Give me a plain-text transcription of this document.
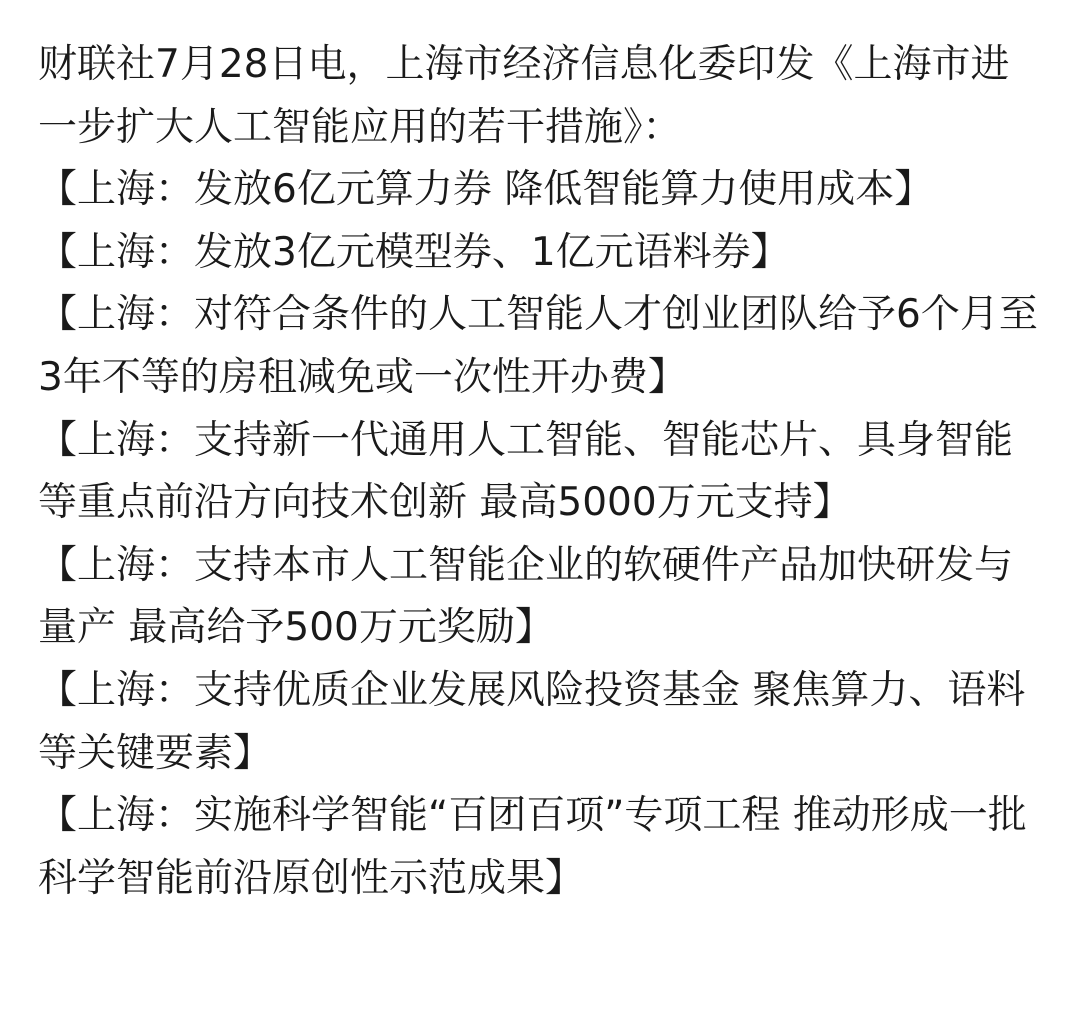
财联社7月28日电，上海市经济信息化委印发《上海市进一步扩大人工智能应用的若干措施》：

【上海：发放6亿元算力券 降低智能算力使用成本】

【上海：发放3亿元模型券、1亿元语料券】

【上海：对符合条件的人工智能人才创业团队给予6个月至3年不等的房租减免或一次性开办费】

【上海：支持新一代通用人工智能、智能芯片、具身智能等重点前沿方向技术创新 最高5000万元支持】

【上海：支持本市人工智能企业的软硬件产品加快研发与量产 最高给予500万元奖励】

【上海：支持优质企业发展风险投资基金 聚焦算力、语料等关键要素】

【上海：实施科学智能“百团百项”专项工程 推动形成一批科学智能前沿原创性示范成果】
